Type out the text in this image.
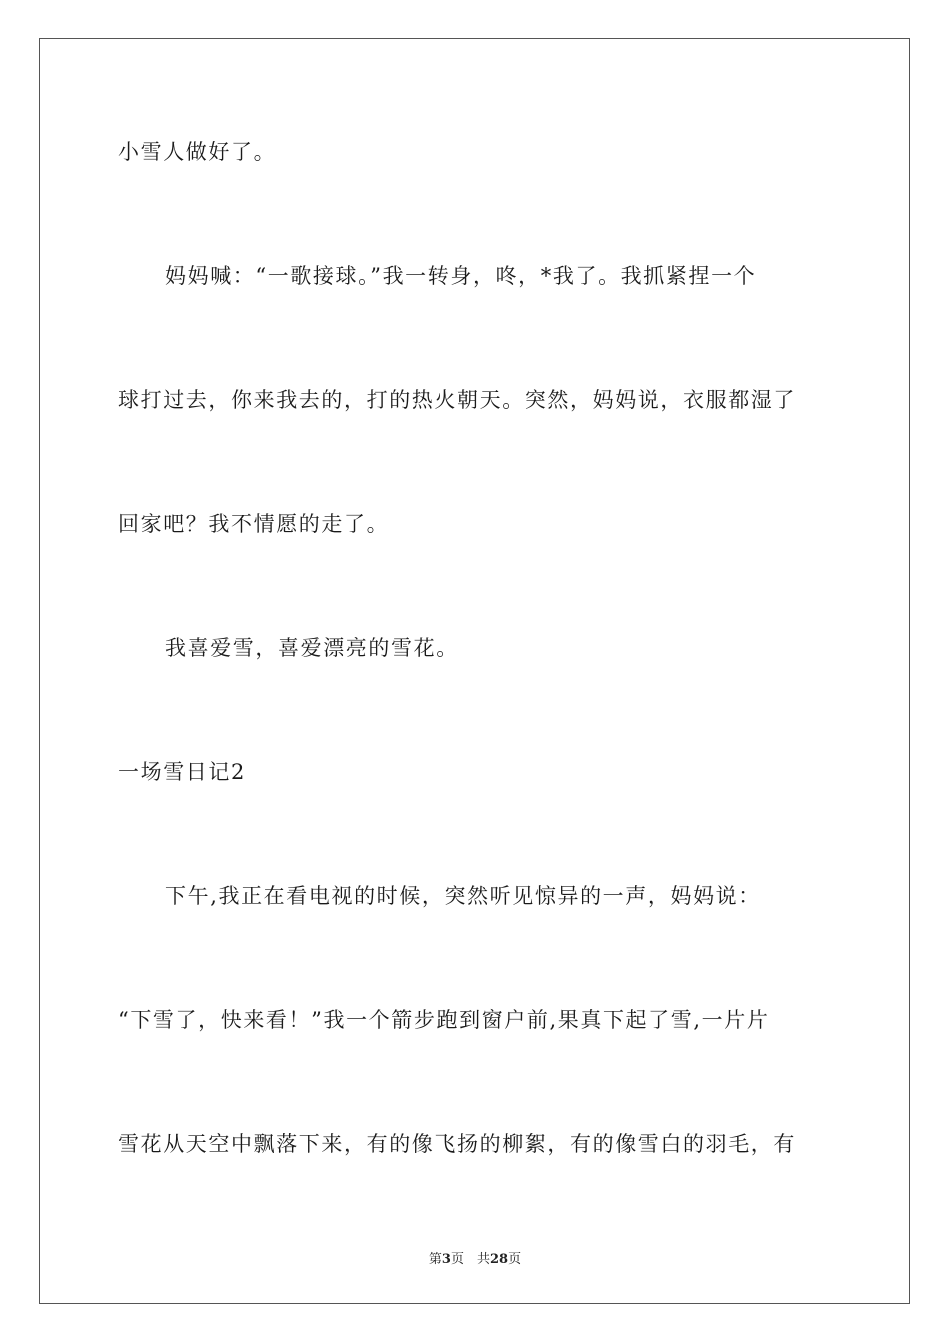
小雪人做好了。
妈妈喊：“一歌接球。”我一转身，咚，*我了。我抓紧捏一个
球打过去，你来我去的，打的热火朝天。突然，妈妈说，衣服都湿了
回家吧？我不情愿的走了。
我喜爱雪，喜爱漂亮的雪花。
一场雪日记2
下午,我正在看电视的时候，突然听见惊异的一声，妈妈说：
“下雪了，快来看！”我一个箭步跑到窗户前,果真下起了雪,一片片
雪花从天空中飘落下来，有的像飞扬的柳絮，有的像雪白的羽毛，有
第3页　共28页
